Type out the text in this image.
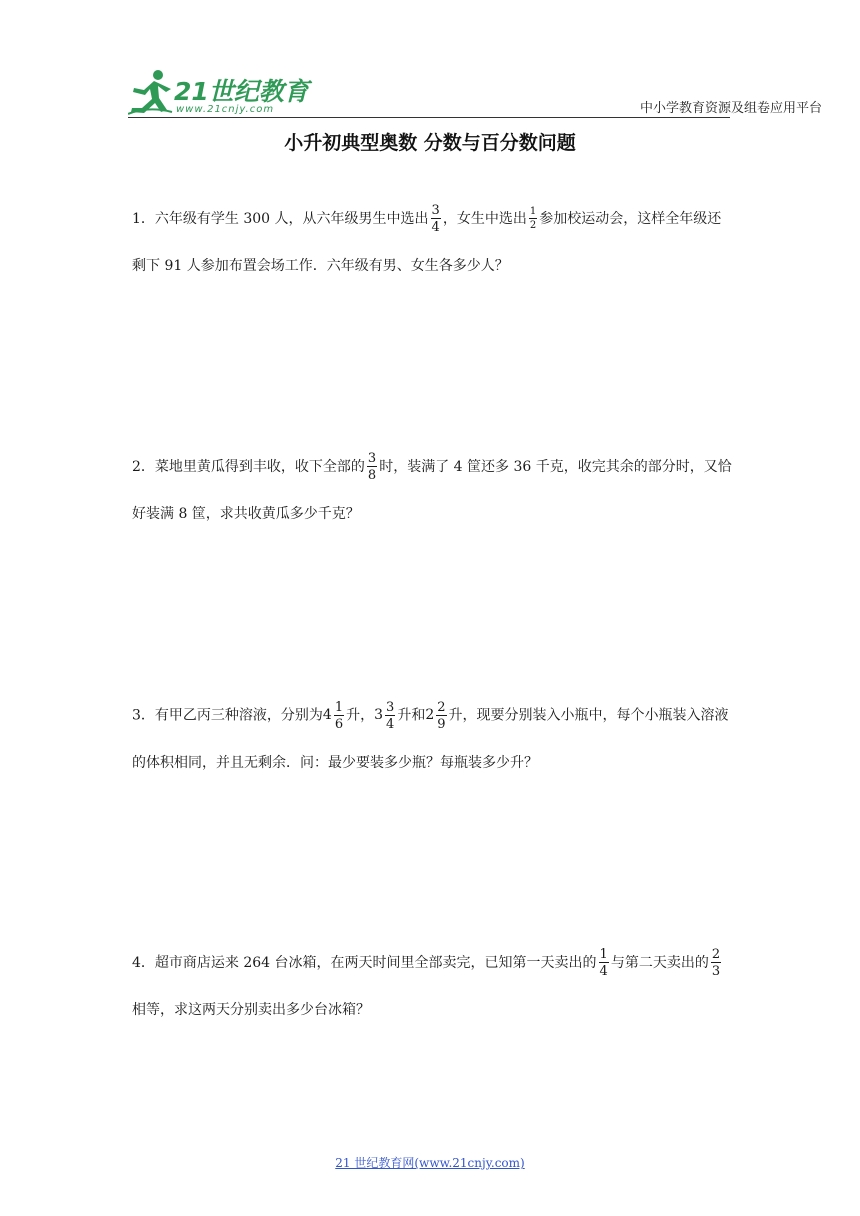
21世纪教育
www.21cnjy.com	中小学教育资源及组卷应用平台
小升初典型奥数 分数与百分数问题
1．六年级有学生 300 人，从六年级男生中选出 $\frac{3}{4}$ ，女生中选出 $\frac{1}{2}$ 参加校运动会，这样全年级还剩下 91 人参加布置会场工作．六年级有男、女生各多少人？
2．菜地里黄瓜得到丰收，收下全部的 $\frac{3}{8}$ 时，装满了 4 筐还多 36 千克，收完其余的部分时，又恰好装满 8 筐，求共收黄瓜多少千克？
3．有甲乙丙三种溶液，分别为$4 \frac{1}{6}$ 升，$3 \frac{3}{4}$ 升和$2 \frac{2}{9}$ 升，现要分别装入小瓶中，每个小瓶装入溶液的体积相同，并且无剩余．问：最少要装多少瓶？每瓶装多少升？
4．超市商店运来 264 台冰箱，在两天时间里全部卖完，已知第一天卖出的 $\frac{1}{4}$ 与第二天卖出的 $\frac{2}{3}$
相等，求这两天分别卖出多少台冰箱？
21 世纪教育网(www.21cnjy.com)
